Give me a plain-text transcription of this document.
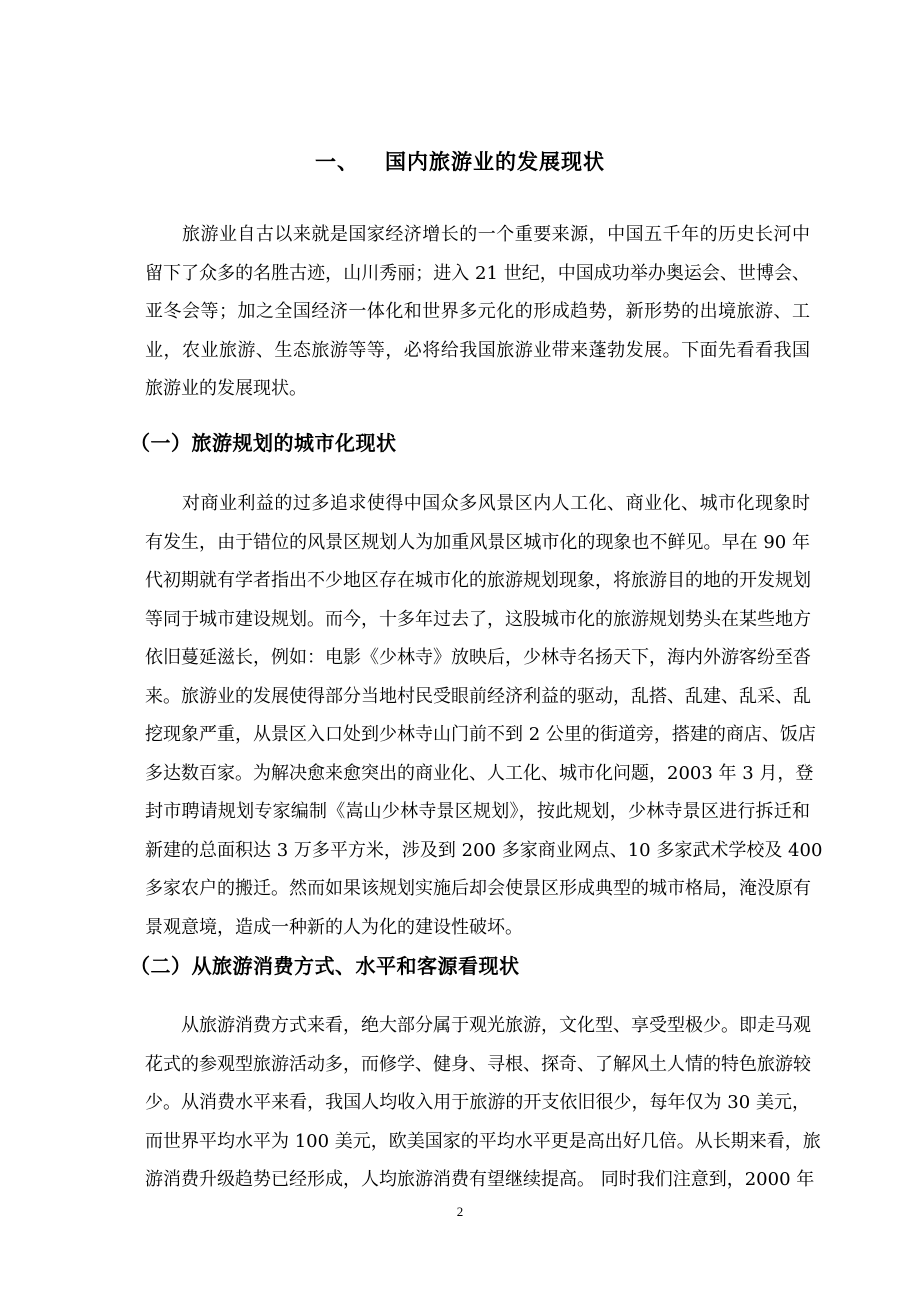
一、 国内旅游业的发展现状
　　旅游业自古以来就是国家经济增长的一个重要来源，中国五千年的历史长河中
留下了众多的名胜古迹，山川秀丽；进入 21 世纪，中国成功举办奥运会、世博会、
亚冬会等；加之全国经济一体化和世界多元化的形成趋势，新形势的出境旅游、工
业，农业旅游、生态旅游等等，必将给我国旅游业带来蓬勃发展。下面先看看我国
旅游业的发展现状。
（一）旅游规划的城市化现状
　　对商业利益的过多追求使得中国众多风景区内人工化、商业化、城市化现象时
有发生，由于错位的风景区规划人为加重风景区城市化的现象也不鲜见。早在 90 年
代初期就有学者指出不少地区存在城市化的旅游规划现象，将旅游目的地的开发规划
等同于城市建设规划。而今，十多年过去了，这股城市化的旅游规划势头在某些地方
依旧蔓延滋长，例如：电影《少林寺》放映后，少林寺名扬天下，海内外游客纷至沓
来。旅游业的发展使得部分当地村民受眼前经济利益的驱动，乱搭、乱建、乱采、乱
挖现象严重，从景区入口处到少林寺山门前不到 2 公里的街道旁，搭建的商店、饭店
多达数百家。为解决愈来愈突出的商业化、人工化、城市化问题，2003 年 3 月，登
封市聘请规划专家编制《嵩山少林寺景区规划》，按此规划，少林寺景区进行拆迁和
新建的总面积达 3 万多平方米，涉及到 200 多家商业网点、10 多家武术学校及 400
多家农户的搬迁。然而如果该规划实施后却会使景区形成典型的城市格局，淹没原有
景观意境，造成一种新的人为化的建设性破坏。
（二）从旅游消费方式、水平和客源看现状
　　从旅游消费方式来看，绝大部分属于观光旅游，文化型、享受型极少。即走马观
花式的参观型旅游活动多，而修学、健身、寻根、探奇、了解风土人情的特色旅游较
少。从消费水平来看，我国人均收入用于旅游的开支依旧很少，每年仅为 30 美元，
而世界平均水平为 100 美元，欧美国家的平均水平更是高出好几倍。从长期来看，旅
游消费升级趋势已经形成，人均旅游消费有望继续提高。 同时我们注意到，2000 年
2
